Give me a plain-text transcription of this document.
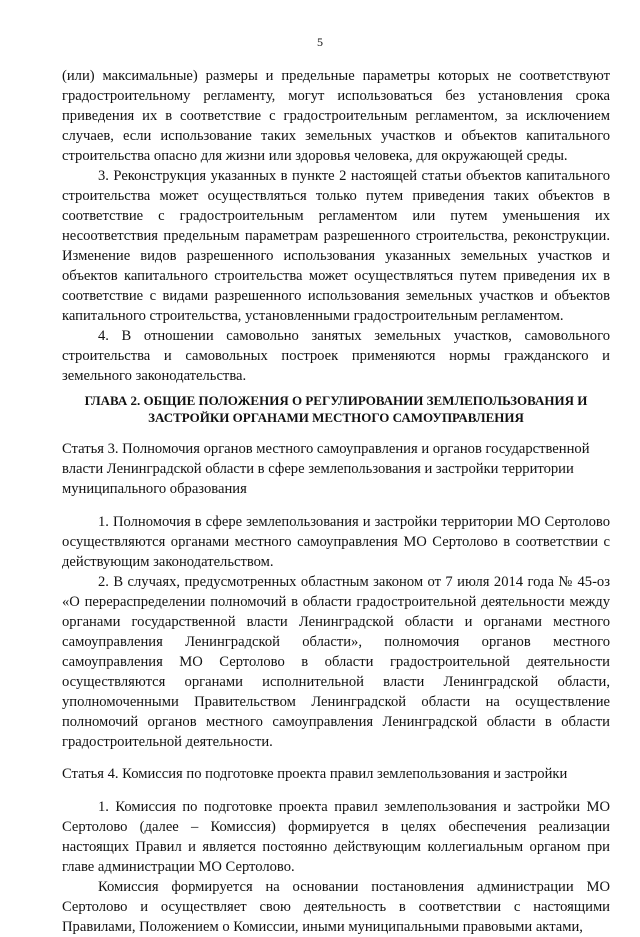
5

(или) максимальные) размеры и предельные параметры которых не соответствуют градостроительному регламенту, могут использоваться без установления срока приведения их в соответствие с градостроительным регламентом, за исключением случаев, если использование таких земельных участков и объектов капитального строительства опасно для жизни или здоровья человека, для окружающей среды.

3. Реконструкция указанных в пункте 2 настоящей статьи объектов капитального строительства может осуществляться только путем приведения таких объектов в соответствие с градостроительным регламентом или путем уменьшения их несоответствия предельным параметрам разрешенного строительства, реконструкции. Изменение видов разрешенного использования указанных земельных участков и объектов капитального строительства может осуществляться путем приведения их в соответствие с видами разрешенного использования земельных участков и объектов капитального строительства, установленными градостроительным регламентом.

4. В отношении самовольно занятых земельных участков, самовольного строительства и самовольных построек применяются нормы гражданского и земельного законодательства.

ГЛАВА 2. ОБЩИЕ ПОЛОЖЕНИЯ О РЕГУЛИРОВАНИИ ЗЕМЛЕПОЛЬЗОВАНИЯ И ЗАСТРОЙКИ ОРГАНАМИ МЕСТНОГО САМОУПРАВЛЕНИЯ

Статья 3. Полномочия органов местного самоуправления и органов государственной власти Ленинградской области в сфере землепользования и застройки территории муниципального образования

1. Полномочия в сфере землепользования и застройки территории МО Сертолово осуществляются органами местного самоуправления МО Сертолово в соответствии с действующим законодательством.

2. В случаях, предусмотренных областным законом от 7 июля 2014 года № 45-оз «О перераспределении полномочий в области градостроительной деятельности между органами государственной власти Ленинградской области и органами местного самоуправления Ленинградской области», полномочия органов местного самоуправления МО Сертолово в области градостроительной деятельности осуществляются органами исполнительной власти Ленинградской области, уполномоченными Правительством Ленинградской области на осуществление полномочий органов местного самоуправления Ленинградской области в области градостроительной деятельности.

Статья 4. Комиссия по подготовке проекта правил землепользования и застройки

1. Комиссия по подготовке проекта правил землепользования и застройки МО Сертолово (далее – Комиссия) формируется в целях обеспечения реализации настоящих Правил и является постоянно действующим коллегиальным органом при главе администрации МО Сертолово.

Комиссия формируется на основании постановления администрации МО Сертолово и осуществляет свою деятельность в соответствии с настоящими Правилами, Положением о Комиссии, иными муниципальными правовыми актами,
